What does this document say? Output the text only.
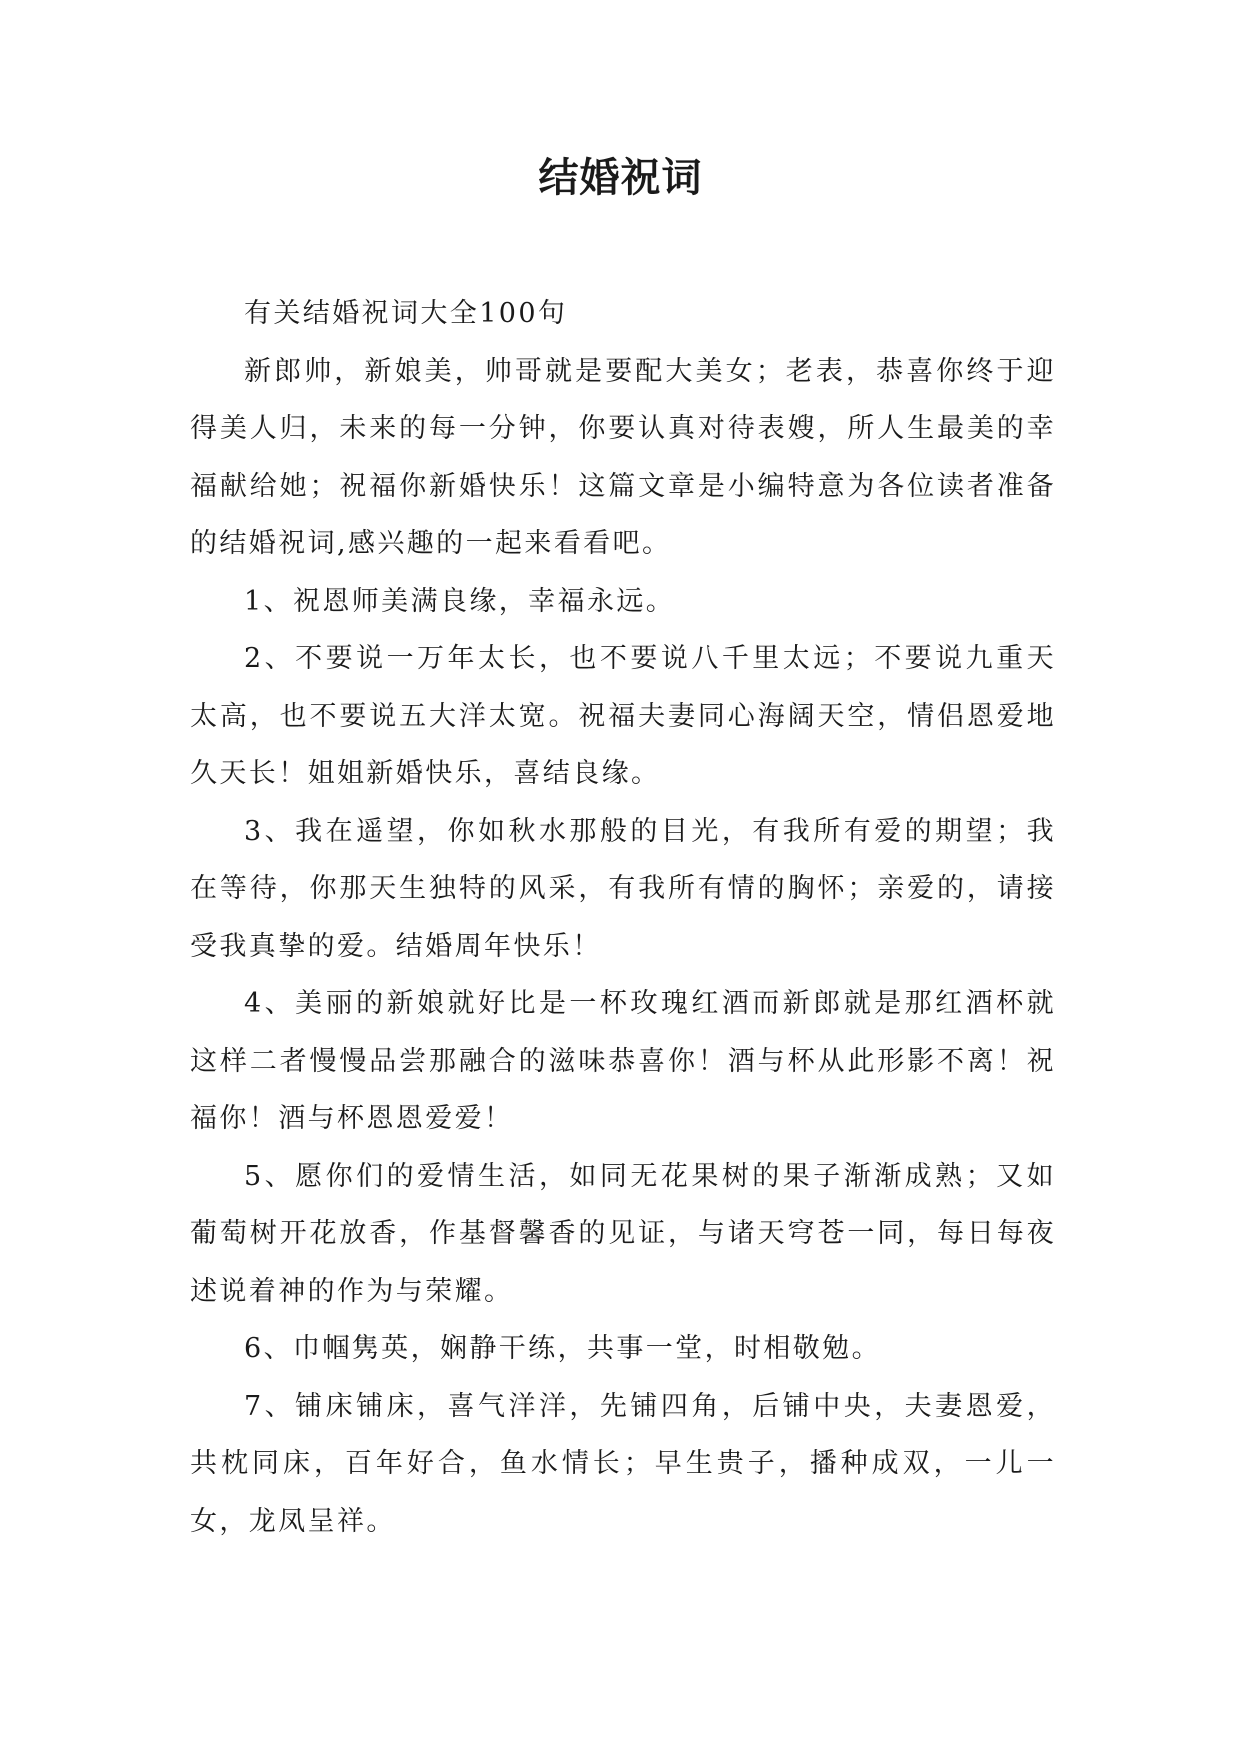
结婚祝词

有关结婚祝词大全100句

新郎帅，新娘美，帅哥就是要配大美女；老表，恭喜你终于迎得美人归，未来的每一分钟，你要认真对待表嫂，所人生最美的幸福献给她；祝福你新婚快乐！这篇文章是小编特意为各位读者准备的结婚祝词,感兴趣的一起来看看吧。

1、祝恩师美满良缘，幸福永远。

2、不要说一万年太长，也不要说八千里太远；不要说九重天太高，也不要说五大洋太宽。祝福夫妻同心海阔天空，情侣恩爱地久天长！姐姐新婚快乐，喜结良缘。

3、我在遥望，你如秋水那般的目光，有我所有爱的期望；我在等待，你那天生独特的风采，有我所有情的胸怀；亲爱的，请接受我真挚的爱。结婚周年快乐！

4、美丽的新娘就好比是一杯玫瑰红酒而新郎就是那红酒杯就这样二者慢慢品尝那融合的滋味恭喜你！酒与杯从此形影不离！祝福你！酒与杯恩恩爱爱！

5、愿你们的爱情生活，如同无花果树的果子渐渐成熟；又如葡萄树开花放香，作基督馨香的见证，与诸天穹苍一同，每日每夜述说着神的作为与荣耀。

6、巾帼隽英，娴静干练，共事一堂，时相敬勉。

7、铺床铺床，喜气洋洋，先铺四角，后铺中央，夫妻恩爱，共枕同床，百年好合，鱼水情长；早生贵子，播种成双，一儿一女，龙凤呈祥。
